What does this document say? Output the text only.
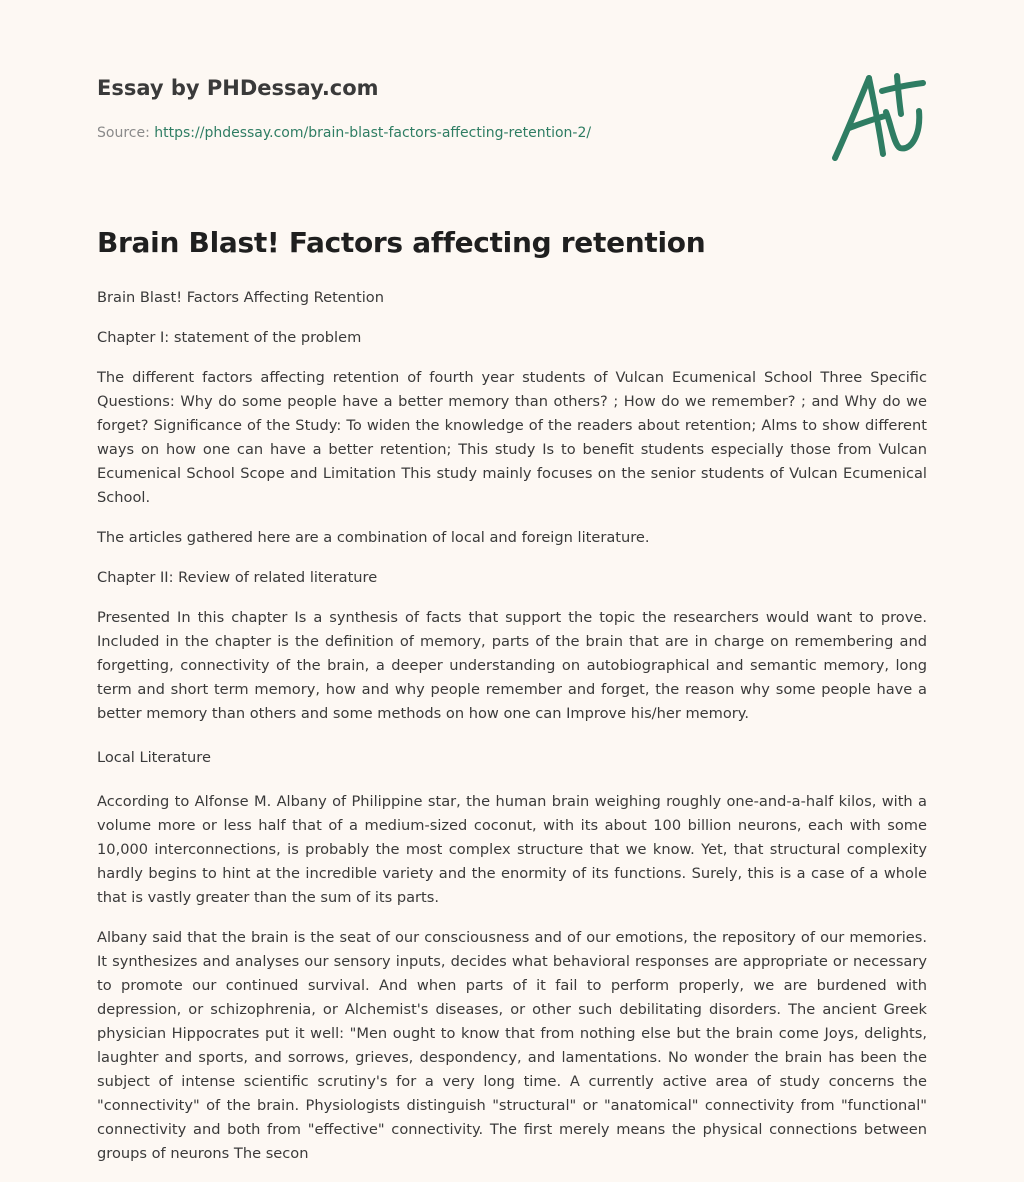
Essay by PHDessay.com
Source: https://phdessay.com/brain-blast-factors-affecting-retention-2/
Brain Blast! Factors affecting retention

Brain Blast! Factors Affecting Retention

Chapter I: statement of the problem

The different factors affecting retention of fourth year students of Vulcan Ecumenical School Three Specific Questions: Why do some people have a better memory than others? ; How do we remember? ; and Why do we forget? Significance of the Study: To widen the knowledge of the readers about retention; Alms to show different ways on how one can have a better retention; This study Is to benefit students especially those from Vulcan Ecumenical School Scope and Limitation This study mainly focuses on the senior students of Vulcan Ecumenical School.

The articles gathered here are a combination of local and foreign literature.

Chapter II: Review of related literature

Presented In this chapter Is a synthesis of facts that support the topic the researchers would want to prove. Included in the chapter is the definition of memory, parts of the brain that are in charge on remembering and forgetting, connectivity of the brain, a deeper understanding on autobiographical and semantic memory, long term and short term memory, how and why people remember and forget, the reason why some people have a better memory than others and some methods on how one can Improve his/her memory.

Local Literature

According to Alfonse M. Albany of Philippine star, the human brain weighing roughly one-and-a-half kilos, with a volume more or less half that of a medium-sized coconut, with its about 100 billion neurons, each with some 10,000 interconnections, is probably the most complex structure that we know. Yet, that structural complexity hardly begins to hint at the incredible variety and the enormity of its functions. Surely, this is a case of a whole that is vastly greater than the sum of its parts.

Albany said that the brain is the seat of our consciousness and of our emotions, the repository of our memories. It synthesizes and analyses our sensory inputs, decides what behavioral responses are appropriate or necessary to promote our continued survival. And when parts of it fail to perform properly, we are burdened with depression, or schizophrenia, or Alchemist's diseases, or other such debilitating disorders. The ancient Greek physician Hippocrates put it well: "Men ought to know that from nothing else but the brain come Joys, delights, laughter and sports, and sorrows, grieves, despondency, and lamentations. No wonder the brain has been the subject of intense scientific scrutiny's for a very long time. A currently active area of study concerns the "connectivity" of the brain. Physiologists distinguish "structural" or "anatomical" connectivity from "functional" connectivity and both from "effective" connectivity. The first merely means the physical connections between groups of neurons The secon
